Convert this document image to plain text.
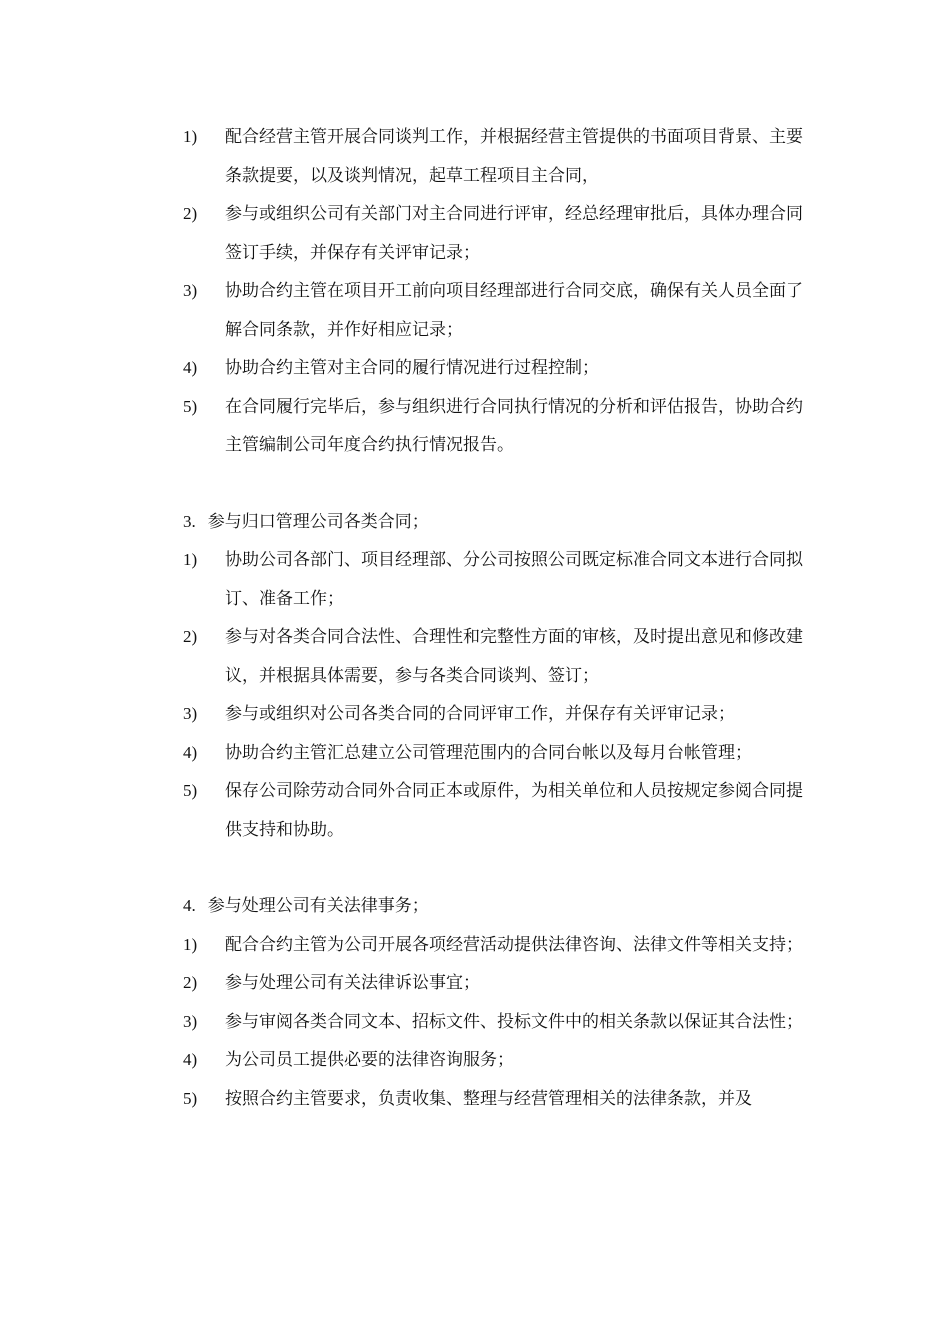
1)	配合经营主管开展合同谈判工作，并根据经营主管提供的书面项目背景、主要条款提要，以及谈判情况，起草工程项目主合同，
2)	参与或组织公司有关部门对主合同进行评审，经总经理审批后，具体办理合同签订手续，并保存有关评审记录；
3)	协助合约主管在项目开工前向项目经理部进行合同交底，确保有关人员全面了解合同条款，并作好相应记录；
4)	协助合约主管对主合同的履行情况进行过程控制；
5)	在合同履行完毕后，参与组织进行合同执行情况的分析和评估报告，协助合约主管编制公司年度合约执行情况报告。
3. 参与归口管理公司各类合同；
1)	协助公司各部门、项目经理部、分公司按照公司既定标准合同文本进行合同拟订、准备工作；
2)	参与对各类合同合法性、合理性和完整性方面的审核，及时提出意见和修改建议，并根据具体需要，参与各类合同谈判、签订；
3)	参与或组织对公司各类合同的合同评审工作，并保存有关评审记录；
4)	协助合约主管汇总建立公司管理范围内的合同台帐以及每月台帐管理；
5)	保存公司除劳动合同外合同正本或原件，为相关单位和人员按规定参阅合同提供支持和协助。
4. 参与处理公司有关法律事务；
1)	配合合约主管为公司开展各项经营活动提供法律咨询、法律文件等相关支持；
2)	参与处理公司有关法律诉讼事宜；
3)	参与审阅各类合同文本、招标文件、投标文件中的相关条款以保证其合法性；
4)	为公司员工提供必要的法律咨询服务；
5)	按照合约主管要求，负责收集、整理与经营管理相关的法律条款，并及
